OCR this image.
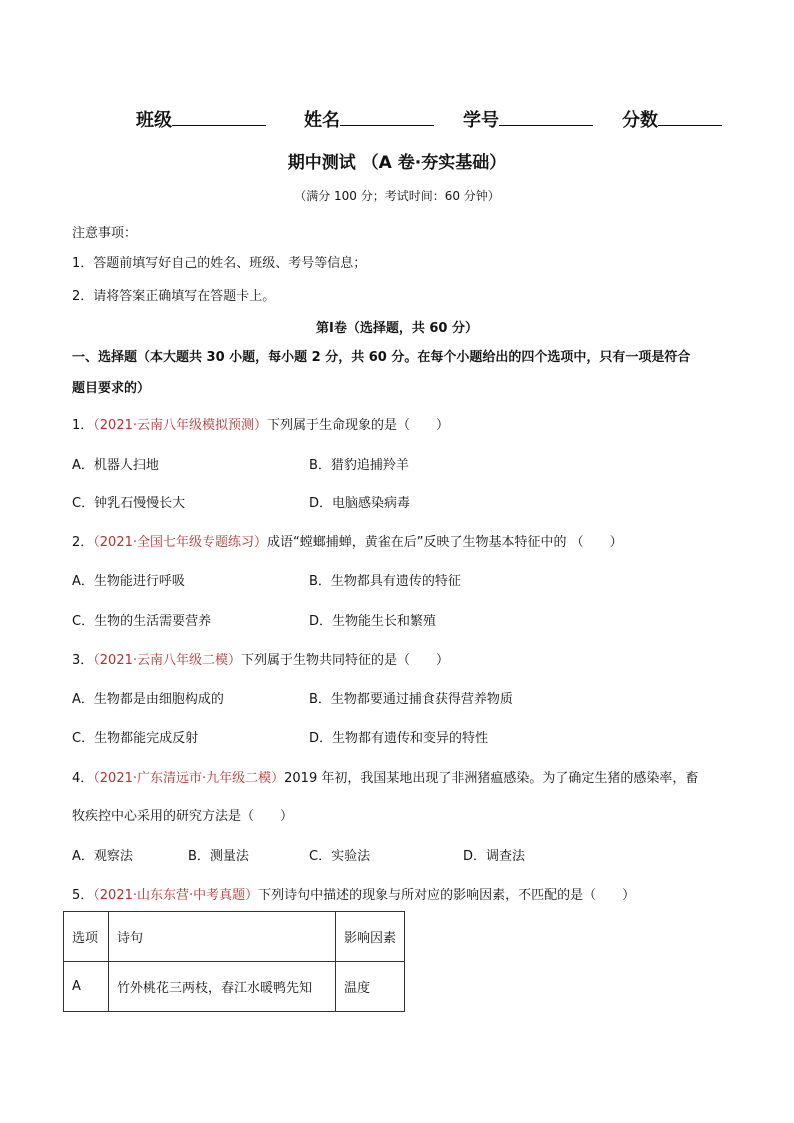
班级	姓名	学号	分数
期中测试 （A 卷·夯实基础）
（满分 100 分；考试时间：60 分钟）
注意事项：
1．答题前填写好自己的姓名、班级、考号等信息；
2．请将答案正确填写在答题卡上。
第Ⅰ卷（选择题，共 60 分）
一、选择题（本大题共 30 小题，每小题 2 分，共 60 分。在每个小题给出的四个选项中，只有一项是符合
题目要求的）
1．（2021·云南八年级模拟预测）下列属于生命现象的是（　　）
A．机器人扫地	B．猎豹追捕羚羊
C．钟乳石慢慢长大	D．电脑感染病毒
2．（2021·全国七年级专题练习）成语“螳螂捕蝉，黄雀在后”反映了生物基本特征中的 （　　）
A．生物能进行呼吸	B．生物都具有遗传的特征
C．生物的生活需要营养	D．生物能生长和繁殖
3．（2021·云南八年级二模）下列属于生物共同特征的是（　　）
A．生物都是由细胞构成的	B．生物都要通过捕食获得营养物质
C．生物都能完成反射	D．生物都有遗传和变异的特性
4．（2021·广东清远市·九年级二模）2019 年初，我国某地出现了非洲猪瘟感染。为了确定生猪的感染率，畜
牧疾控中心采用的研究方法是（　　）
A．观察法	B．测量法	C．实验法	D．调查法
5．（2021·山东东营·中考真题）下列诗句中描述的现象与所对应的影响因素，不匹配的是（　　）
选项	诗句	影响因素
A	竹外桃花三两枝，春江水暖鸭先知	温度
